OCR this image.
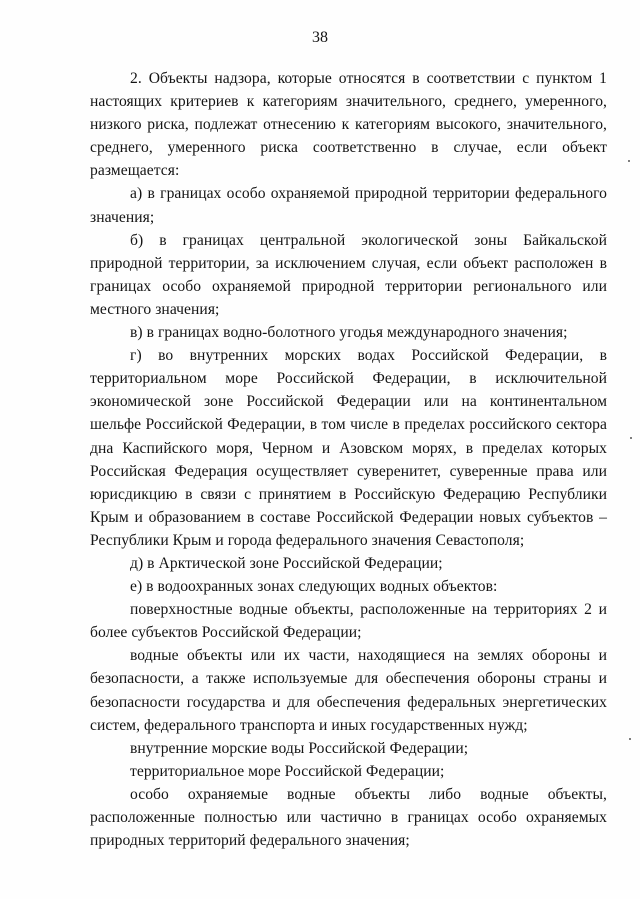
38

2. Объекты надзора, которые относятся в соответствии с пунктом 1 настоящих критериев к категориям значительного, среднего, умеренного, низкого риска, подлежат отнесению к категориям высокого, значительного, среднего, умеренного риска соответственно в случае, если объект размещается:

а) в границах особо охраняемой природной территории федерального значения;

б) в границах центральной экологической зоны Байкальской природной территории, за исключением случая, если объект расположен в границах особо охраняемой природной территории регионального или местного значения;

в) в границах водно-болотного угодья международного значения;

г) во внутренних морских водах Российской Федерации, в территориальном море Российской Федерации, в исключительной экономической зоне Российской Федерации или на континентальном шельфе Российской Федерации, в том числе в пределах российского сектора дна Каспийского моря, Черном и Азовском морях, в пределах которых Российская Федерация осуществляет суверенитет, суверенные права или юрисдикцию в связи с принятием в Российскую Федерацию Республики Крым и образованием в составе Российской Федерации новых субъектов – Республики Крым и города федерального значения Севастополя;

д) в Арктической зоне Российской Федерации;

е) в водоохранных зонах следующих водных объектов:

поверхностные водные объекты, расположенные на территориях 2 и более субъектов Российской Федерации;

водные объекты или их части, находящиеся на землях обороны и безопасности, а также используемые для обеспечения обороны страны и безопасности государства и для обеспечения федеральных энергетических систем, федерального транспорта и иных государственных нужд;

внутренние морские воды Российской Федерации;

территориальное море Российской Федерации;

особо охраняемые водные объекты либо водные объекты, расположенные полностью или частично в границах особо охраняемых природных территорий федерального значения;
